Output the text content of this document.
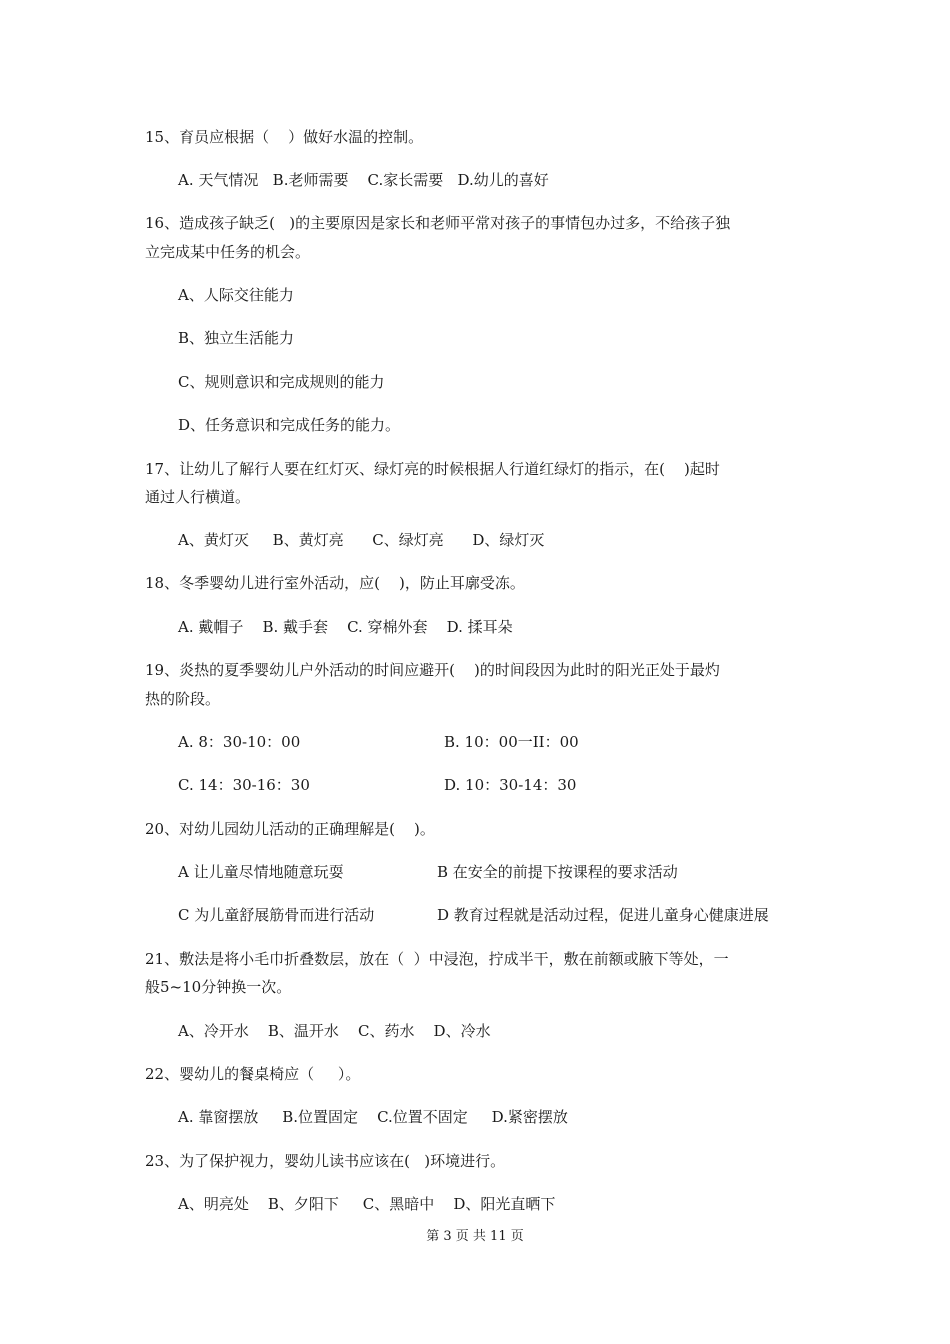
15、育员应根据（    ）做好水温的控制。
A. 天气情况   B.老师需要    C.家长需要   D.幼儿的喜好
16、造成孩子缺乏(   )的主要原因是家长和老师平常对孩子的事情包办过多，不给孩子独
立完成某中任务的机会。
A、人际交往能力
B、独立生活能力
C、规则意识和完成规则的能力
D、任务意识和完成任务的能力。
17、让幼儿了解行人要在红灯灭、绿灯亮的时候根据人行道红绿灯的指示，在(    )起时
通过人行横道。
A、黄灯灭     B、黄灯亮      C、绿灯亮      D、绿灯灭
18、冬季婴幼儿进行室外活动，应(    )，防止耳廓受冻。
A. 戴帽子    B. 戴手套    C. 穿棉外套    D. 揉耳朵
19、炎热的夏季婴幼儿户外活动的时间应避开(    )的时间段因为此时的阳光正处于最灼
热的阶段。
A. 8：30-10：00	B. 10：00一II：00
C. 14：30-16：30	D. 10：30-14：30
20、对幼儿园幼儿活动的正确理解是(    )。
A 让儿童尽情地随意玩耍	B 在安全的前提下按课程的要求活动
C 为儿童舒展筋骨而进行活动	D 教育过程就是活动过程，促进儿童身心健康进展
21、敷法是将小毛巾折叠数层，放在（  ）中浸泡，拧成半干，敷在前额或腋下等处，一
般5~10分钟换一次。
A、冷开水    B、温开水    C、药水    D、冷水
22、婴幼儿的餐桌椅应（     ）。
A. 靠窗摆放     B.位置固定    C.位置不固定     D.紧密摆放
23、为了保护视力，婴幼儿读书应该在(   )环境进行。
A、明亮处    B、夕阳下     C、黑暗中    D、阳光直晒下
第 3 页 共 11 页
